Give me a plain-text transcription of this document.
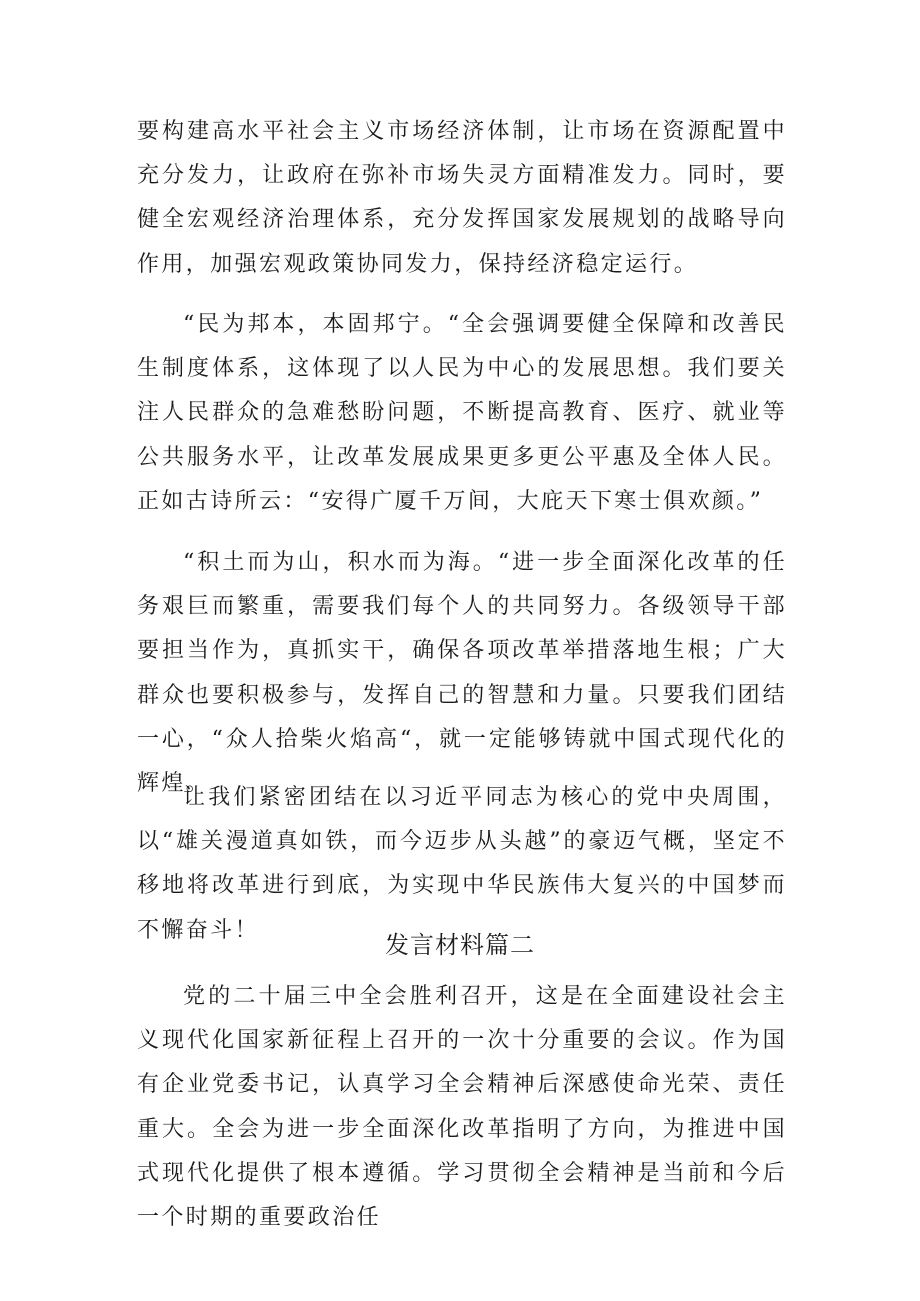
要构建高水平社会主义市场经济体制，让市场在资源配置中充分发力，让政府在弥补市场失灵方面精准发力。同时，要健全宏观经济治理体系，充分发挥国家发展规划的战略导向作用，加强宏观政策协同发力，保持经济稳定运行。

“民为邦本，本固邦宁。“全会强调要健全保障和改善民生制度体系，这体现了以人民为中心的发展思想。我们要关注人民群众的急难愁盼问题，不断提高教育、医疗、就业等公共服务水平，让改革发展成果更多更公平惠及全体人民。正如古诗所云：“安得广厦千万间，大庇天下寒士俱欢颜。”

“积土而为山，积水而为海。“进一步全面深化改革的任务艰巨而繁重，需要我们每个人的共同努力。各级领导干部要担当作为，真抓实干，确保各项改革举措落地生根；广大群众也要积极参与，发挥自己的智慧和力量。只要我们团结一心，“众人拾柴火焰高“，就一定能够铸就中国式现代化的辉煌。

让我们紧密团结在以习近平同志为核心的党中央周围，以“雄关漫道真如铁，而今迈步从头越”的豪迈气概，坚定不移地将改革进行到底，为实现中华民族伟大复兴的中国梦而不懈奋斗！

发言材料篇二

党的二十届三中全会胜利召开，这是在全面建设社会主义现代化国家新征程上召开的一次十分重要的会议。作为国有企业党委书记，认真学习全会精神后深感使命光荣、责任重大。全会为进一步全面深化改革指明了方向，为推进中国式现代化提供了根本遵循。学习贯彻全会精神是当前和今后一个时期的重要政治任
